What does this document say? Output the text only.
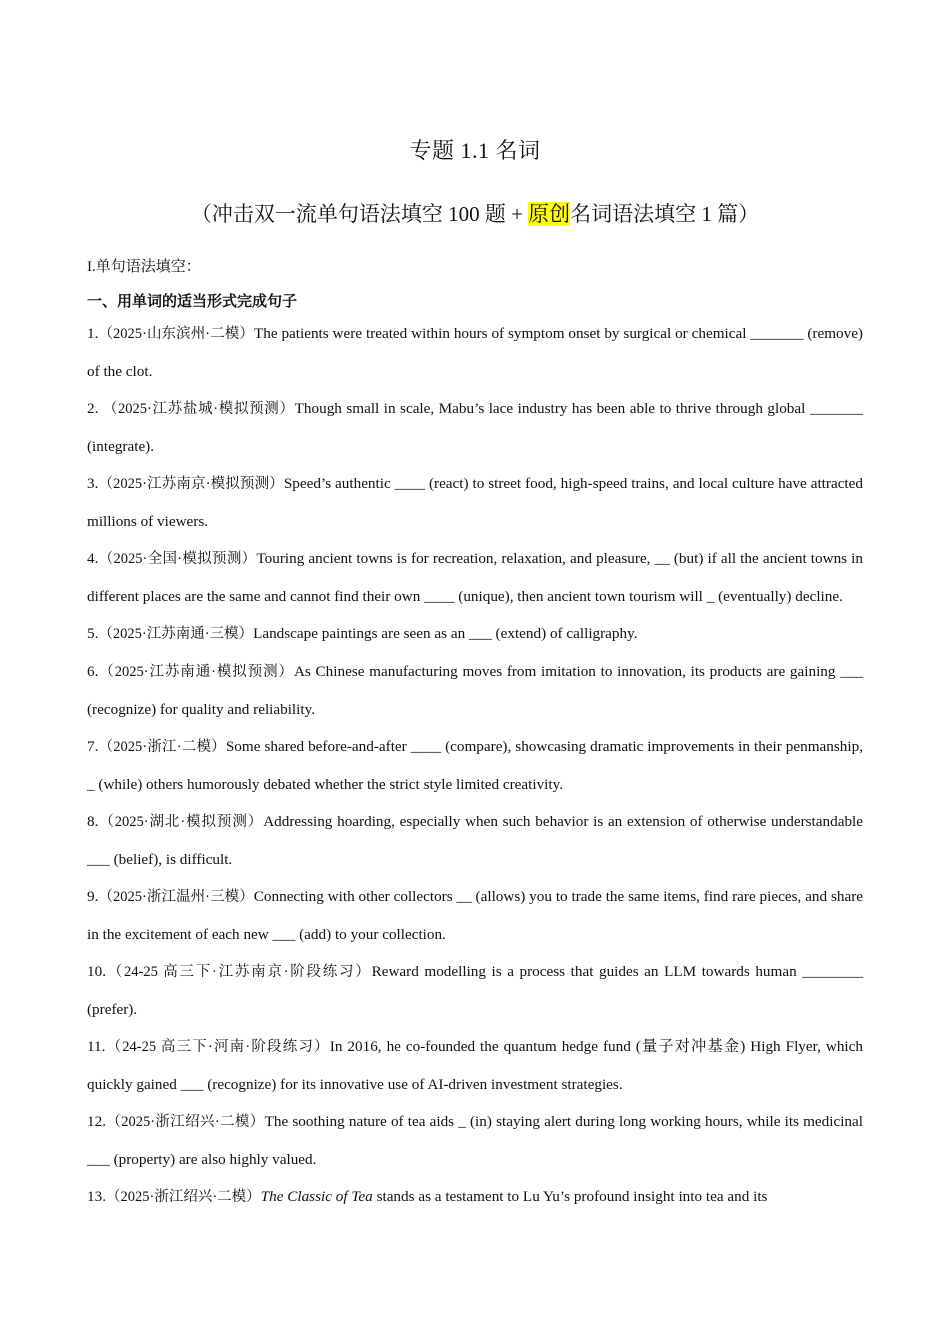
专题 1.1 名词
（冲击双一流单句语法填空 100 题 + 原创名词语法填空 1 篇）
I.单句语法填空：
一、用单词的适当形式完成句子

1.（2025·山东滨州·二模）The patients were treated within hours of symptom onset by surgical or chemical _______ (remove) of the clot.

2. （2025·江苏盐城·模拟预测）Though small in scale, Mabu’s lace industry has been able to thrive through global _______ (integrate).

3.（2025·江苏南京·模拟预测）Speed’s authentic ____ (react) to street food, high-speed trains, and local culture have attracted millions of viewers.

4.（2025·全国·模拟预测）Touring ancient towns is for recreation, relaxation, and pleasure, __ (but) if all the ancient towns in different places are the same and cannot find their own ____ (unique), then ancient town tourism will _ (eventually) decline.

5.（2025·江苏南通·三模）Landscape paintings are seen as an ___ (extend) of calligraphy.

6.（2025·江苏南通·模拟预测）As Chinese manufacturing moves from imitation to innovation, its products are gaining ___ (recognize) for quality and reliability.

7.（2025·浙江·二模）Some shared before-and-after ____ (compare), showcasing dramatic improvements in their penmanship, _ (while) others humorously debated whether the strict style limited creativity.

8.（2025·湖北·模拟预测）Addressing hoarding, especially when such behavior is an extension of otherwise understandable ___ (belief), is difficult.

9.（2025·浙江温州·三模）Connecting with other collectors __ (allows) you to trade the same items, find rare pieces, and share in the excitement of each new ___ (add) to your collection.

10.（24-25 高三下·江苏南京·阶段练习）Reward modelling is a process that guides an LLM towards human ________ (prefer).

11.（24-25 高三下·河南·阶段练习）In 2016, he co-founded the quantum hedge fund (量子对冲基金) High Flyer, which quickly gained ___ (recognize) for its innovative use of AI-driven investment strategies.

12.（2025·浙江绍兴·二模）The soothing nature of tea aids _ (in) staying alert during long working hours, while its medicinal ___ (property) are also highly valued.

13.（2025·浙江绍兴·二模）The Classic of Tea stands as a testament to Lu Yu’s profound insight into tea and its
